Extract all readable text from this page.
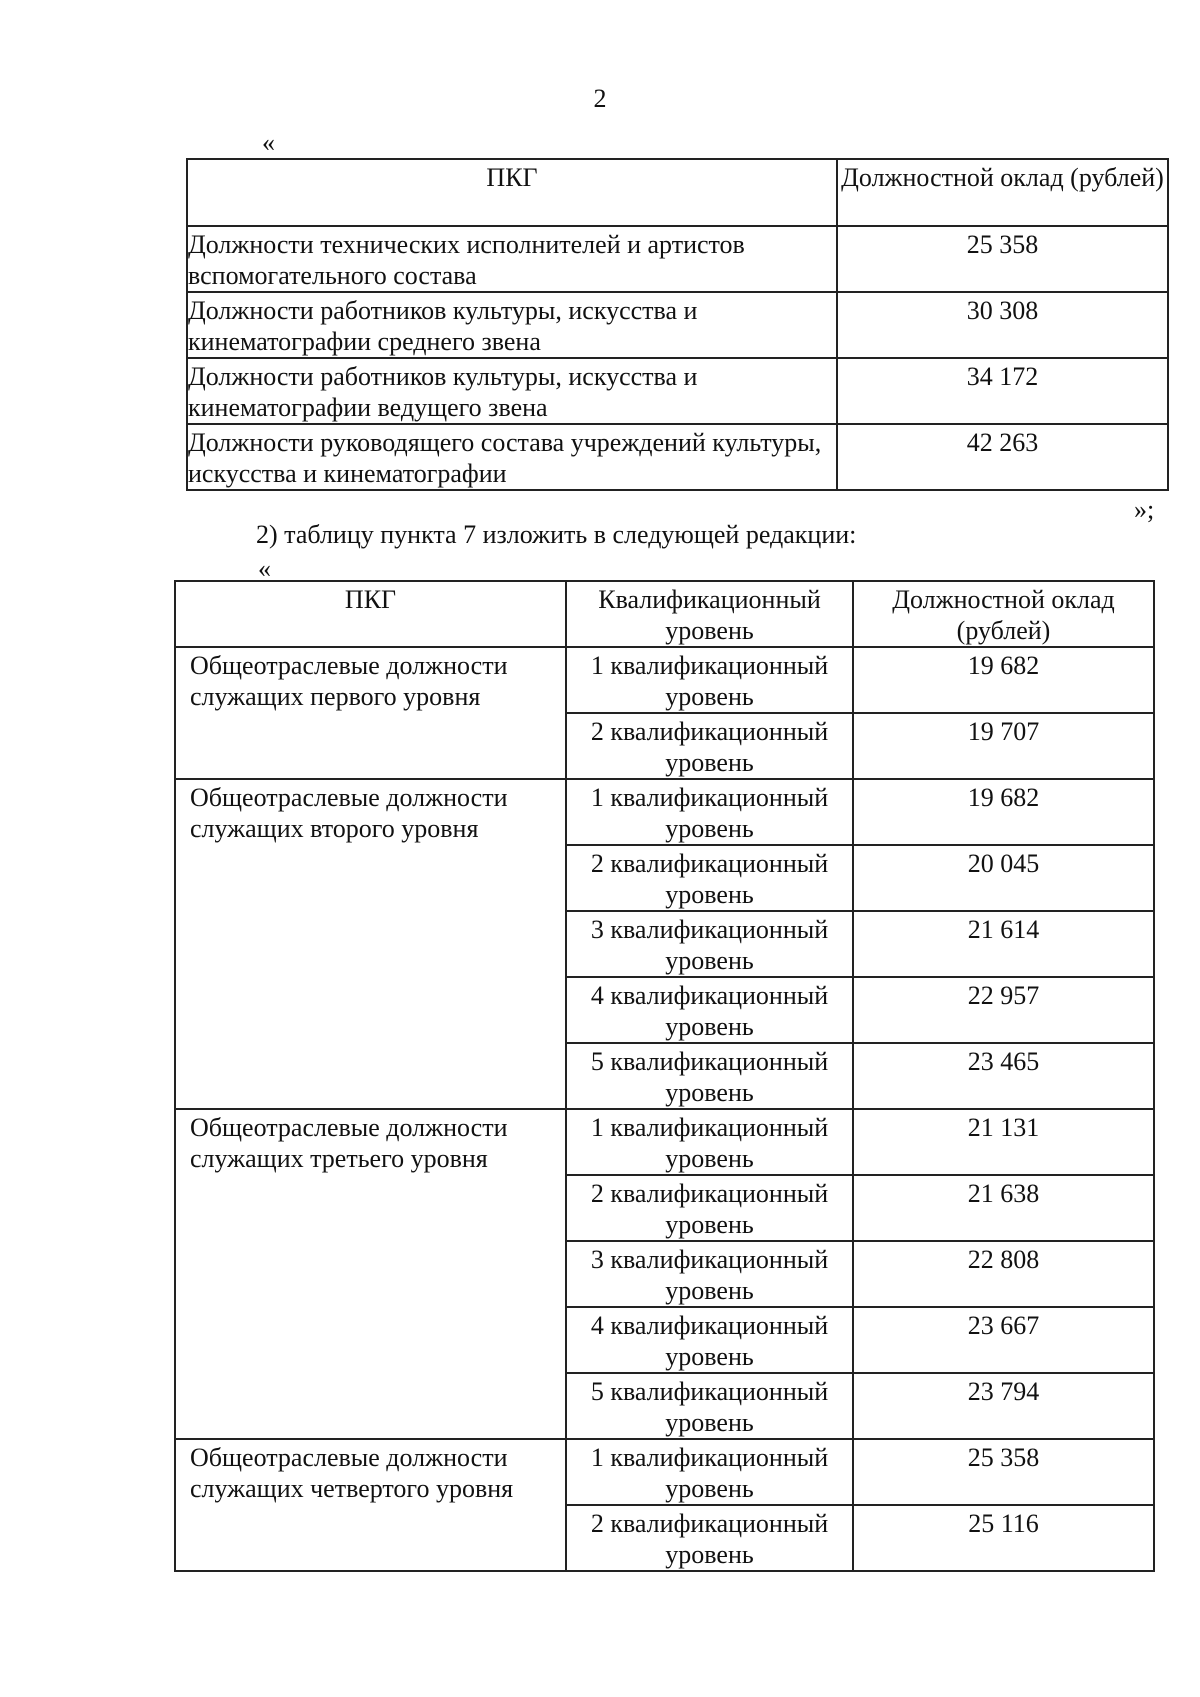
2
«
ПКГ	Должностной оклад (рублей)
Должности технических исполнителей и артистов вспомогательного состава	25 358
Должности работников культуры, искусства и кинематографии среднего звена	30 308
Должности работников культуры, искусства и кинематографии ведущего звена	34 172
Должности руководящего состава учреждений культуры, искусства и кинематографии	42 263
»;
2) таблицу пункта 7 изложить в следующей редакции:
«
ПКГ	Квалификационный уровень	Должностной оклад (рублей)
Общеотраслевые должности служащих первого уровня	1 квалификационный уровень	19 682
	2 квалификационный уровень	19 707
Общеотраслевые должности служащих второго уровня	1 квалификационный уровень	19 682
	2 квалификационный уровень	20 045
	3 квалификационный уровень	21 614
	4 квалификационный уровень	22 957
	5 квалификационный уровень	23 465
Общеотраслевые должности служащих третьего уровня	1 квалификационный уровень	21 131
	2 квалификационный уровень	21 638
	3 квалификационный уровень	22 808
	4 квалификационный уровень	23 667
	5 квалификационный уровень	23 794
Общеотраслевые должности служащих четвертого уровня	1 квалификационный уровень	25 358
	2 квалификационный уровень	25 116
